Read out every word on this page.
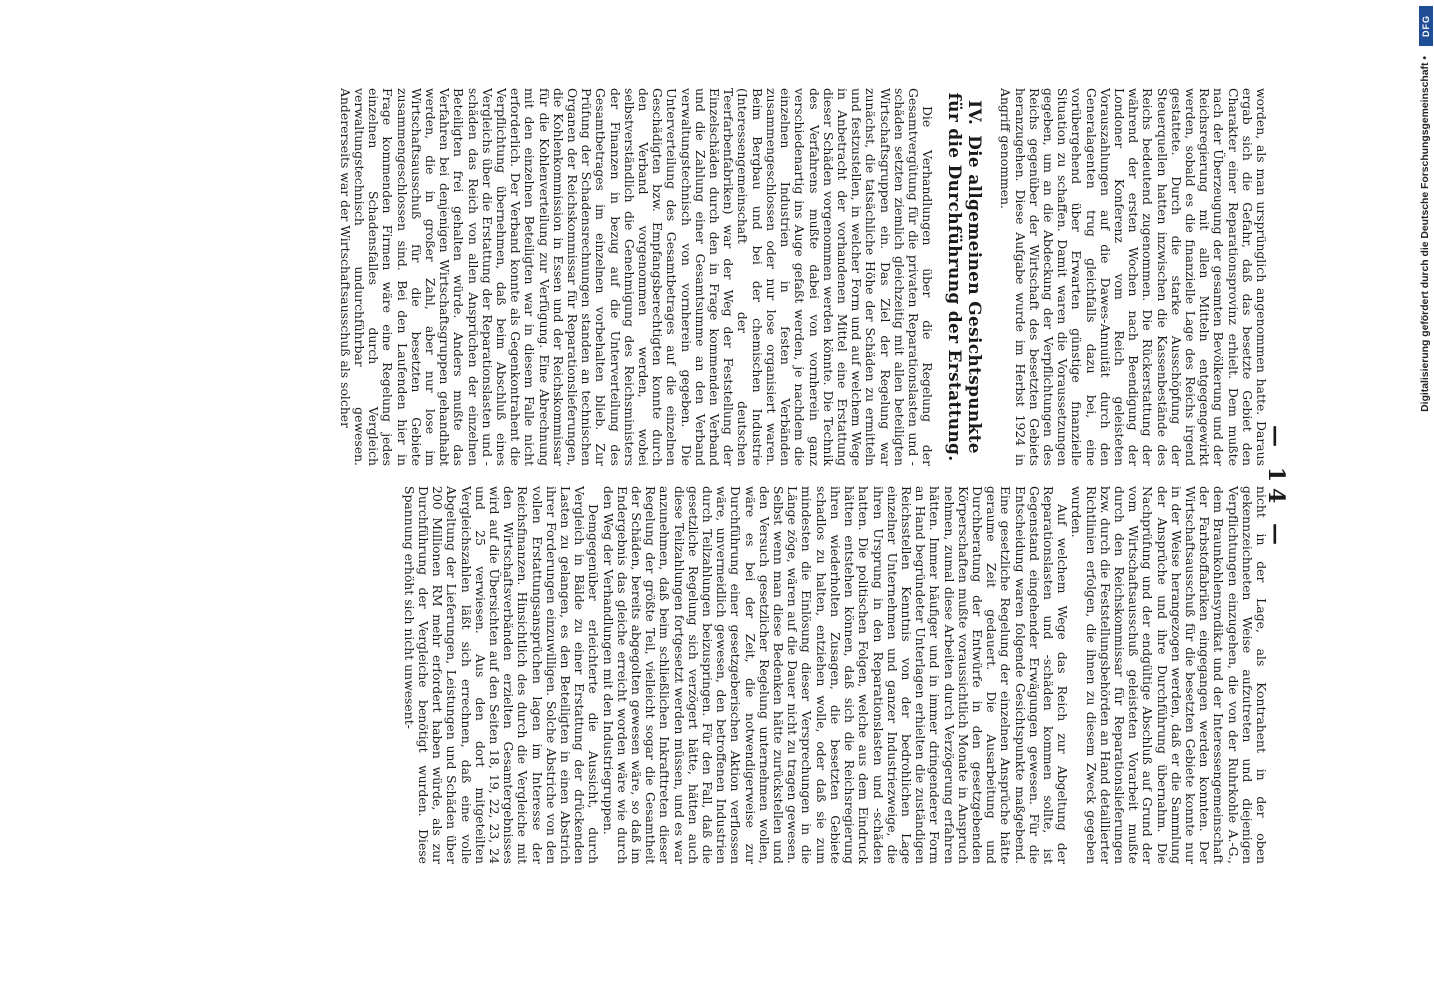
— 14 —

worden, als man ursprünglich angenommen hatte. Daraus ergab sich die Gefahr, daß das besetzte Gebiet den Charakter einer Reparationsprovinz erhielt. Dem mußte nach der Überzeugung der gesamten Bevölkerung und der Reichsregierung mit allen Mitteln entgegengewirkt werden, sobald es die finanzielle Lage des Reichs irgend gestattete. Durch die starke Ausschöpfung der Steuerquellen hatten inzwischen die Kassenbestände des Reichs bedeutend zugenommen. Die Rückerstattung der während der ersten Wochen nach Beendigung der Londoner Konferenz vom Reich geleisteten Vorauszahlungen auf die Dawes-Annuität durch den Generalagenten trug gleichfalls dazu bei, eine vorübergehend über Erwarten günstige finanzielle Situation zu schaffen. Damit waren die Voraussetzungen gegeben, um an die Abdeckung der Verpflichtungen des Reichs gegenüber der Wirtschaft des besetzten Gebiets heranzugehen. Diese Aufgabe wurde im Herbst 1924 in Angriff genommen.

IV.Die allgemeinen Gesichtspunkte für die Durchführung der Erstattung.

Die Verhandlungen über die Regelung der Gesamtvergütung für die privaten Reparationslasten und -schäden setzten ziemlich gleichzeitig mit allen beteiligten Wirtschaftsgruppen ein. Das Ziel der Regelung war zunächst, die tatsächliche Höhe der Schäden zu ermitteln und festzustellen, in welcher Form und auf welchem Wege in Anbetracht der vorhandenen Mittel eine Erstattung dieser Schäden vorgenommen werden könnte. Die Technik des Verfahrens mußte dabei von vornherein ganz verschiedenartig ins Auge gefaßt werden, je nachdem die einzelnen Industrien in festen Verbänden zusammengeschlossen oder nur lose organisiert waren. Beim Bergbau und bei der chemischen Industrie (Interessengemeinschaft der deutschen Teerfarbenfabriken) war der Weg der Feststellung der Einzelschäden durch den in Frage kommenden Verband und die Zahlung einer Gesamtsumme an den Verband verwaltungstechnisch von vornherein gegeben. Die Unterverteilung des Gesamtbetrages auf die einzelnen Geschädigten bzw. Empfangsberechtigten konnte durch den Verband vorgenommen werden, wobei selbstverständlich die Genehmigung des Reichsministers der Finanzen in bezug auf die Unterverteilung des Gesamtbetrages im einzelnen vorbehalten blieb. Zur Prüfung der Schadensrechnungen standen an technischen Organen der Reichskommissar für Reparationslieferungen, die Kohlenkommission in Essen und der Reichskommissar für die Kohlenverteilung zur Verfügung. Eine Abrechnung mit den einzelnen Beteiligten war in diesem Falle nicht erforderlich. Der Verband konnte als Gegenkontrahent die Verpflichtung übernehmen, daß beim Abschluß eines Vergleichs über die Erstattung der Reparationslasten und -schäden das Reich von allen Ansprüchen der einzelnen Beteiligten frei gehalten würde. Anders mußte das Verfahren bei denjenigen Wirtschaftsgruppen gehandhabt werden, die in großer Zahl, aber nur lose im Wirtschaftsausschuß für die besetzten Gebiete zusammengeschlossen sind. Bei den Laufenden hier in Frage kommenden Firmen wäre eine Regelung jedes einzelnen Schadensfalles durch Vergleich verwaltungstechnisch undurchführbar gewesen. Andererseits war der Wirtschaftsausschuß als solcher

nicht in der Lage, als Kontrahent in der oben gekennzeichneten Weise aufzutreten und diejenigen Verpflichtungen einzugehen, die von der Ruhrkohle A.-G., dem Braunkohlensyndikat und der Interessengemeinschaft der Farbstoffabriken eingegangen werden konnten. Der Wirtschaftsausschuß für die besetzten Gebiete konnte nur in der Weise herangezogen werden, daß er die Sammlung der Ansprüche und ihre Durchführung übernahm. Die Nachprüfung und der endgültige Abschluß auf Grund der vom Wirtschaftsausschuß geleisteten Vorarbeit mußte durch den Reichskommissar für Reparationslieferungen bzw. durch die Feststellungsbehörden an Hand detaillierter Richtlinien erfolgen, die ihnen zu diesem Zweck gegeben wurden.

Auf welchem Wege das Reich zur Abgeltung der Reparationslasten und -schäden kommen sollte, ist Gegenstand eingehender Erwägungen gewesen. Für die Entscheidung waren folgende Gesichtspunkte maßgebend. Eine gesetzliche Regelung der einzelnen Ansprüche hätte geraume Zeit gedauert. Die Ausarbeitung und Durchberatung der Entwürfe in den gesetzgebenden Körperschaften mußte voraussichtlich Monate in Anspruch nehmen, zumal diese Arbeiten durch Verzögerung erfahren hätten. Immer häufiger und in immer dringenderer Form an Hand begründeter Unterlagen erhielten die zuständigen Reichsstellen Kenntnis von der bedrohlichen Lage einzelner Unternehmen und ganzer Industriezweige, die ihren Ursprung in den Reparationslasten und -schäden hatten. Die politischen Folgen, welche aus dem Eindruck hätten entstehen können, daß sich die Reichsregierung ihren wiederholten Zusagen, die besetzten Gebiete schadlos zu halten, entziehen wolle, oder daß sie zum mindesten die Einlösung dieser Versprechungen in die Länge zöge, wären auf die Dauer nicht zu tragen gewesen. Selbst wenn man diese Bedenken hätte zurückstellen und den Versuch gesetzlicher Regelung unternehmen wollen, wäre es bei der Zeit, die notwendigerweise zur Durchführung einer gesetzgeberischen Aktion verflossen wäre, unvermeidlich gewesen, den betroffenen Industrien durch Teilzahlungen beizuspringen. Für den Fall, daß die gesetzliche Regelung sich verzögert hätte, hätten auch diese Teilzahlungen fortgesetzt werden müssen, und es war anzunehmen, daß beim schließlichen Inkrafttreten dieser Regelung der größte Teil, vielleicht sogar die Gesamtheit der Schäden, bereits abgegolten gewesen wäre, so daß im Endergebnis das gleiche erreicht worden wäre wie durch den Weg der Verhandlungen mit den Industriegruppen.

Demgegenüber erleichterte die Aussicht, durch Vergleich in Bälde zu einer Erstattung der drückenden Lasten zu gelangen, es den Beteiligten in einen Abstrich ihrer Forderungen einzuwilligen. Solche Abstriche von den vollen Erstattungsansprüchen lagen im Interesse der Reichsfinanzen. Hinsichtlich des durch die Vergleiche mit den Wirtschaftsverbänden erzielten Gesamtergebnisses wird auf die Übersichten auf den Seiten 18, 19, 22, 23, 24 und 25 verwiesen. Aus den dort mitgeteilten Vergleichszahlen läßt sich errechnen, daß eine volle Abgeltung der Lieferungen, Leistungen und Schäden über 200 Millionen RM mehr erfordert haben würde, als zur Durchführung der Vergleiche benötigt wurden. Diese Spannung erhöht sich nicht unwesent-

DFG
Digitalisierung gefördert durch die Deutsche Forschungsgemeinschaft •
